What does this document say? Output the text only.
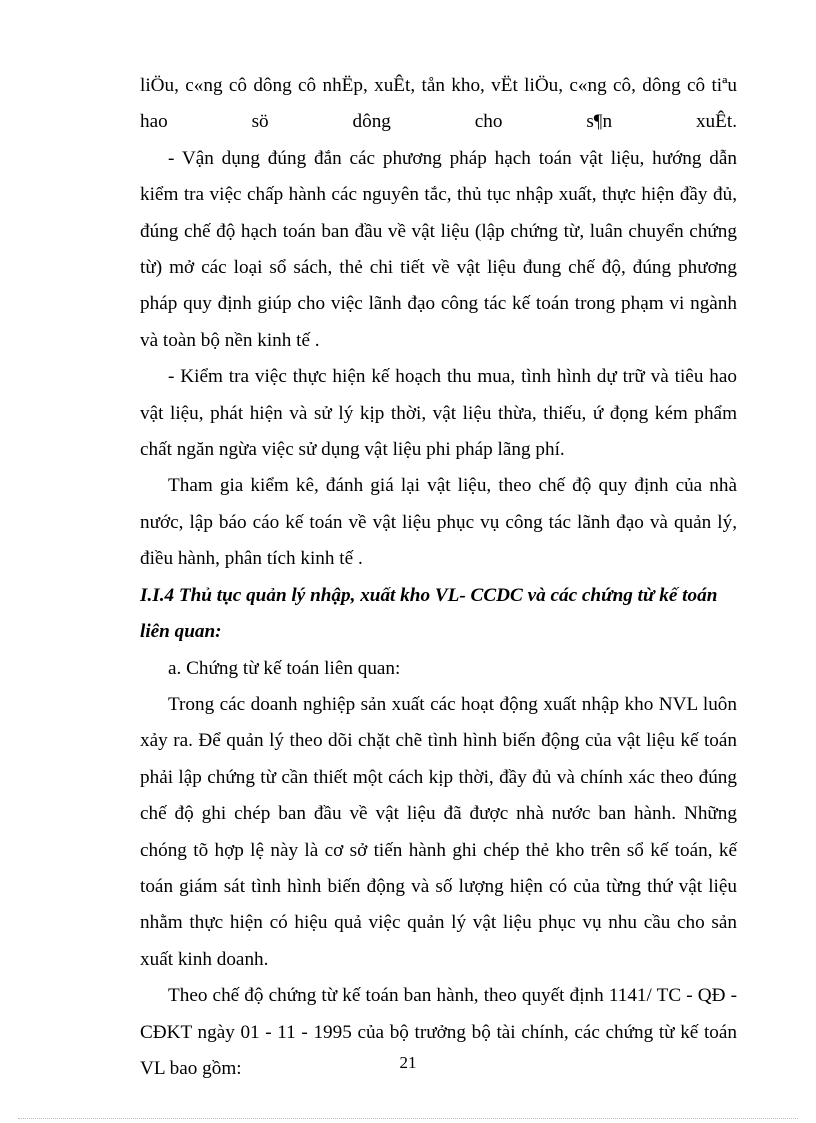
liÖu, c«ng cô dông cô nhËp, xuÊt, tån kho, vËt liÖu, c«ng cô, dông cô tiªu hao sö dông cho s¶n xuÊt.

- Vận dụng đúng đắn các phương pháp hạch toán vật liệu, hướng dẫn kiểm tra việc chấp hành các nguyên tắc, thủ tục nhập xuất, thực hiện đầy đủ, đúng chế độ hạch toán ban đầu về vật liệu (lập chứng từ, luân chuyển chứng từ) mở các loại sổ sách, thẻ chi tiết về vật liệu đung chế độ, đúng phương pháp quy định giúp cho việc lãnh đạo công tác kế toán trong phạm vi ngành và toàn bộ nền kinh tế .

- Kiểm tra việc thực hiện kế hoạch thu mua, tình hình dự trữ và tiêu hao vật liệu, phát hiện và sử lý kịp thời, vật liệu thừa, thiếu, ứ đọng kém phẩm chất ngăn ngừa việc sử dụng vật liệu phi pháp lãng phí.

Tham gia kiểm kê, đánh giá lại vật liệu, theo chế độ quy định của nhà nước, lập báo cáo kế toán về vật liệu phục vụ công tác lãnh đạo và quản lý, điều hành, phân tích kinh tế .

I.I.4 Thủ tục quản lý nhập, xuất kho VL- CCDC và các chứng từ kế toán liên quan:

a. Chứng từ kế toán liên quan:

Trong các doanh nghiệp sản xuất các hoạt động xuất nhập kho NVL luôn xảy ra. Để quản lý theo dõi chặt chẽ tình hình biến động của vật liệu kế toán phải lập chứng từ cần thiết một cách kịp thời, đầy đủ và chính xác theo đúng chế độ ghi chép ban đầu về vật liệu đã được nhà nước ban hành. Những chóng tõ hợp lệ này là cơ sở tiến hành ghi chép thẻ kho trên sổ kế toán, kế toán giám sát tình hình biến động và số lượng hiện có của từng thứ vật liệu nhằm thực hiện có hiệu quả việc quản lý vật liệu phục vụ nhu cầu cho sản xuất kinh doanh.

Theo chế độ chứng từ kế toán ban hành, theo quyết định 1141/ TC - QĐ - CĐKT ngày 01 - 11 - 1995 của bộ trưởng bộ tài chính, các chứng từ kế toán VL bao gồm:	21
